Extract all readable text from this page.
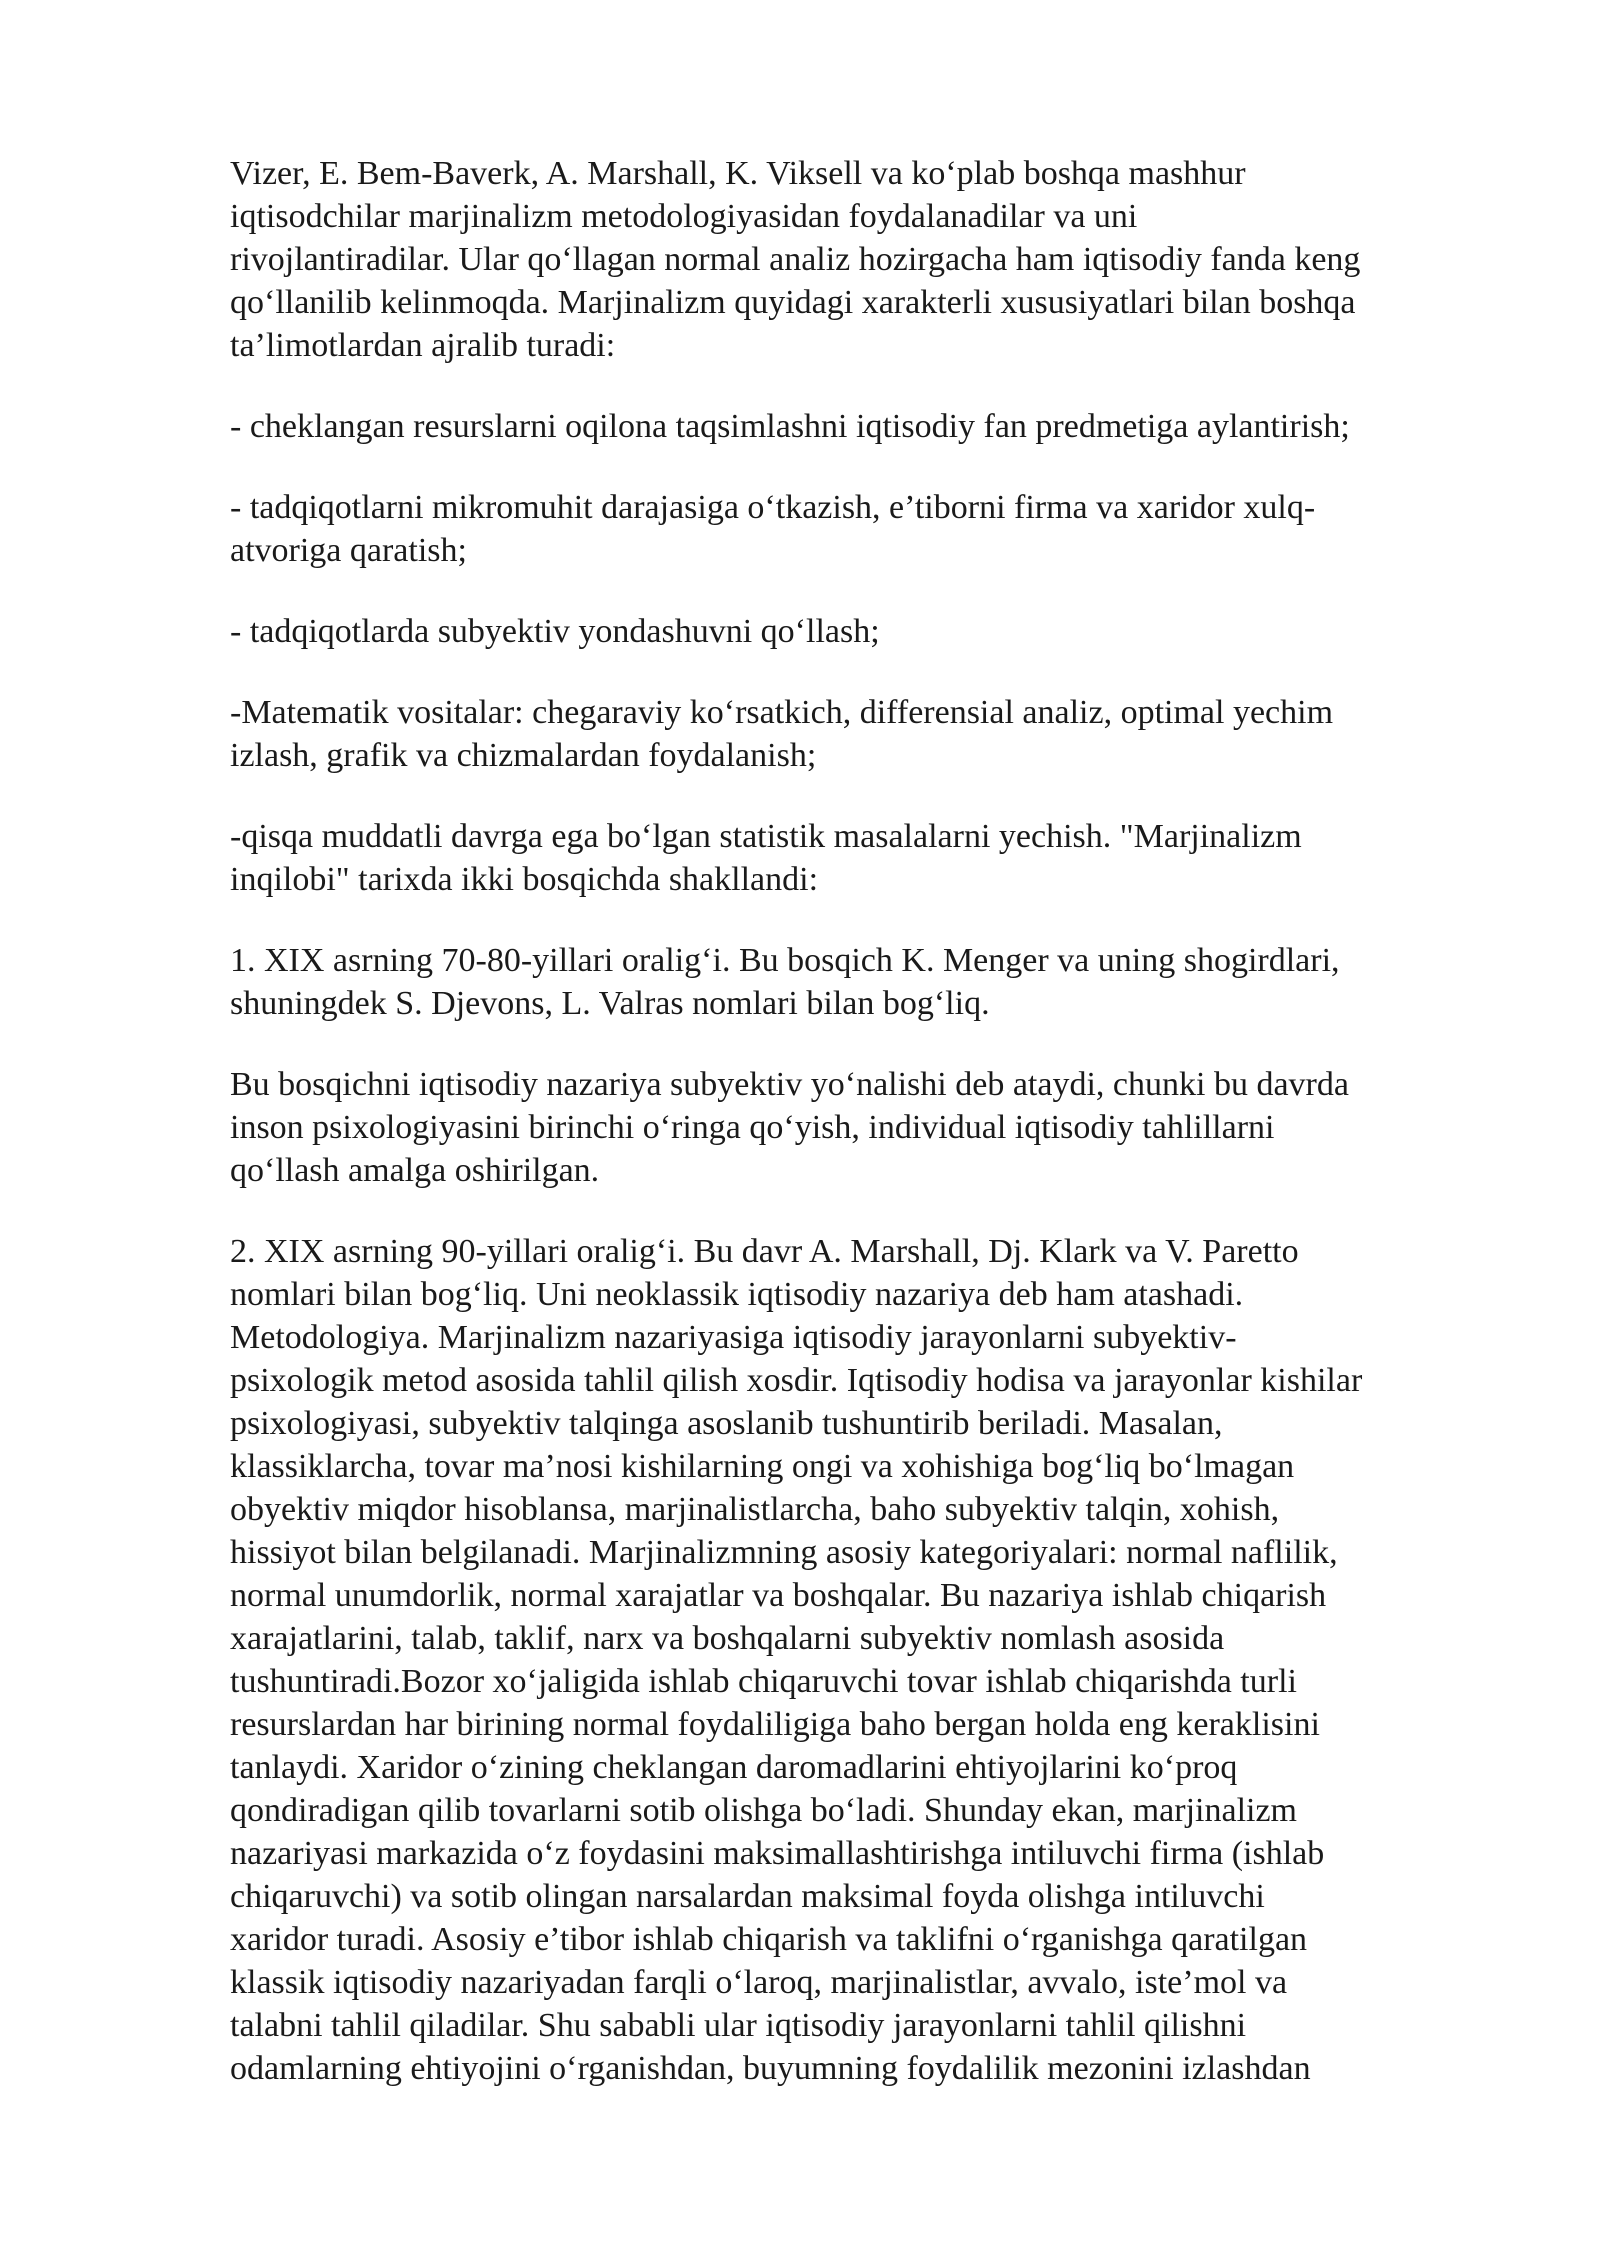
Vizer, E. Bem-Baverk, A. Marshall, K. Viksell va ko‘plab boshqa mashhur
iqtisodchilar marjinalizm metodologiyasidan foydalanadilar va uni
rivojlantiradilar. Ular qo‘llagan normal analiz hozirgacha ham iqtisodiy fanda keng
qo‘llanilib kelinmoqda. Marjinalizm quyidagi xarakterli xususiyatlari bilan boshqa
ta’limotlardan ajralib turadi:

- cheklangan resurslarni oqilona taqsimlashni iqtisodiy fan predmetiga aylantirish;

- tadqiqotlarni mikromuhit darajasiga o‘tkazish, e’tiborni firma va xaridor xulq-
atvoriga qaratish;

- tadqiqotlarda subyektiv yondashuvni qo‘llash;

-Matematik vositalar: chegaraviy ko‘rsatkich, differensial analiz, optimal yechim
izlash, grafik va chizmalardan foydalanish;

-qisqa muddatli davrga ega bo‘lgan statistik masalalarni yechish. "Marjinalizm
inqilobi" tarixda ikki bosqichda shakllandi:

1. XIX asrning 70-80-yillari oralig‘i. Bu bosqich K. Menger va uning shogirdlari,
shuningdek S. Djevons, L. Valras nomlari bilan bog‘liq.

Bu bosqichni iqtisodiy nazariya subyektiv yo‘nalishi deb ataydi, chunki bu davrda
inson psixologiyasini birinchi o‘ringa qo‘yish, individual iqtisodiy tahlillarni
qo‘llash amalga oshirilgan.

2. XIX asrning 90-yillari oralig‘i. Bu davr A. Marshall, Dj. Klark va V. Paretto
nomlari bilan bog‘liq. Uni neoklassik iqtisodiy nazariya deb ham atashadi.
Metodologiya. Marjinalizm nazariyasiga iqtisodiy jarayonlarni subyektiv-
psixologik metod asosida tahlil qilish xosdir. Iqtisodiy hodisa va jarayonlar kishilar
psixologiyasi, subyektiv talqinga asoslanib tushuntirib beriladi. Masalan,
klassiklarcha, tovar ma’nosi kishilarning ongi va xohishiga bog‘liq bo‘lmagan
obyektiv miqdor hisoblansa, marjinalistlarcha, baho subyektiv talqin, xohish,
hissiyot bilan belgilanadi. Marjinalizmning asosiy kategoriyalari: normal naflilik,
normal unumdorlik, normal xarajatlar va boshqalar. Bu nazariya ishlab chiqarish
xarajatlarini, talab, taklif, narx va boshqalarni subyektiv nomlash asosida
tushuntiradi.Bozor xo‘jaligida ishlab chiqaruvchi tovar ishlab chiqarishda turli
resurslardan har birining normal foydaliligiga baho bergan holda eng keraklisini
tanlaydi. Xaridor o‘zining cheklangan daromadlarini ehtiyojlarini ko‘proq
qondiradigan qilib tovarlarni sotib olishga bo‘ladi. Shunday ekan, marjinalizm
nazariyasi markazida o‘z foydasini maksimallashtirishga intiluvchi firma (ishlab
chiqaruvchi) va sotib olingan narsalardan maksimal foyda olishga intiluvchi
xaridor turadi. Asosiy e’tibor ishlab chiqarish va taklifni o‘rganishga qaratilgan
klassik iqtisodiy nazariyadan farqli o‘laroq, marjinalistlar, avvalo, iste’mol va
talabni tahlil qiladilar. Shu sababli ular iqtisodiy jarayonlarni tahlil qilishni
odamlarning ehtiyojini o‘rganishdan, buyumning foydalilik mezonini izlashdan
